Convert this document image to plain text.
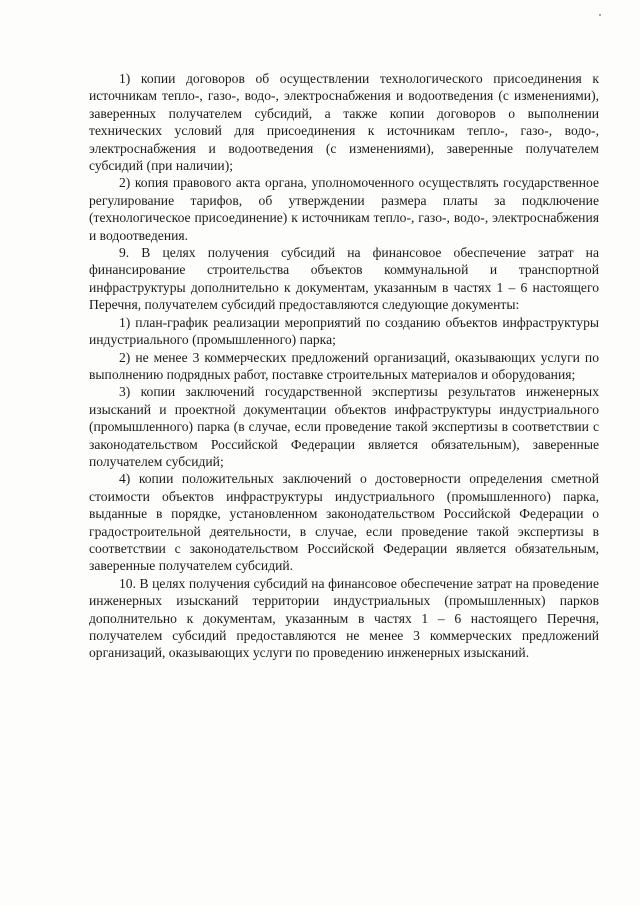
1) копии договоров об осуществлении технологического присоединения к источникам тепло-, газо-, водо-, электроснабжения и водоотведения (с изменениями), заверенных получателем субсидий, а также копии договоров о выполнении технических условий для присоединения к источникам тепло-, газо-, водо-, электроснабжения и водоотведения (с изменениями), заверенные получателем субсидий (при наличии);

2) копия правового акта органа, уполномоченного осуществлять государственное регулирование тарифов, об утверждении размера платы за подключение (технологическое присоединение) к источникам тепло-, газо-, водо-, электроснабжения и водоотведения.

9. В целях получения субсидий на финансовое обеспечение затрат на финансирование строительства объектов коммунальной и транспортной инфраструктуры дополнительно к документам, указанным в частях 1 – 6 настоящего Перечня, получателем субсидий предоставляются следующие документы:

1) план-график реализации мероприятий по созданию объектов инфраструктуры индустриального (промышленного) парка;

2) не менее 3 коммерческих предложений организаций, оказывающих услуги по выполнению подрядных работ, поставке строительных материалов и оборудования;

3) копии заключений государственной экспертизы результатов инженерных изысканий и проектной документации объектов инфраструктуры индустриального (промышленного) парка (в случае, если проведение такой экспертизы в соответствии с законодательством Российской Федерации является обязательным), заверенные получателем субсидий;

4) копии положительных заключений о достоверности определения сметной стоимости объектов инфраструктуры индустриального (промышленного) парка, выданные в порядке, установленном законодательством Российской Федерации о градостроительной деятельности, в случае, если проведение такой экспертизы в соответствии с законодательством Российской Федерации является обязательным, заверенные получателем субсидий.

10. В целях получения субсидий на финансовое обеспечение затрат на проведение инженерных изысканий территории индустриальных (промышленных) парков дополнительно к документам, указанным в частях 1 – 6 настоящего Перечня, получателем субсидий предоставляются не менее 3 коммерческих предложений организаций, оказывающих услуги по проведению инженерных изысканий.
